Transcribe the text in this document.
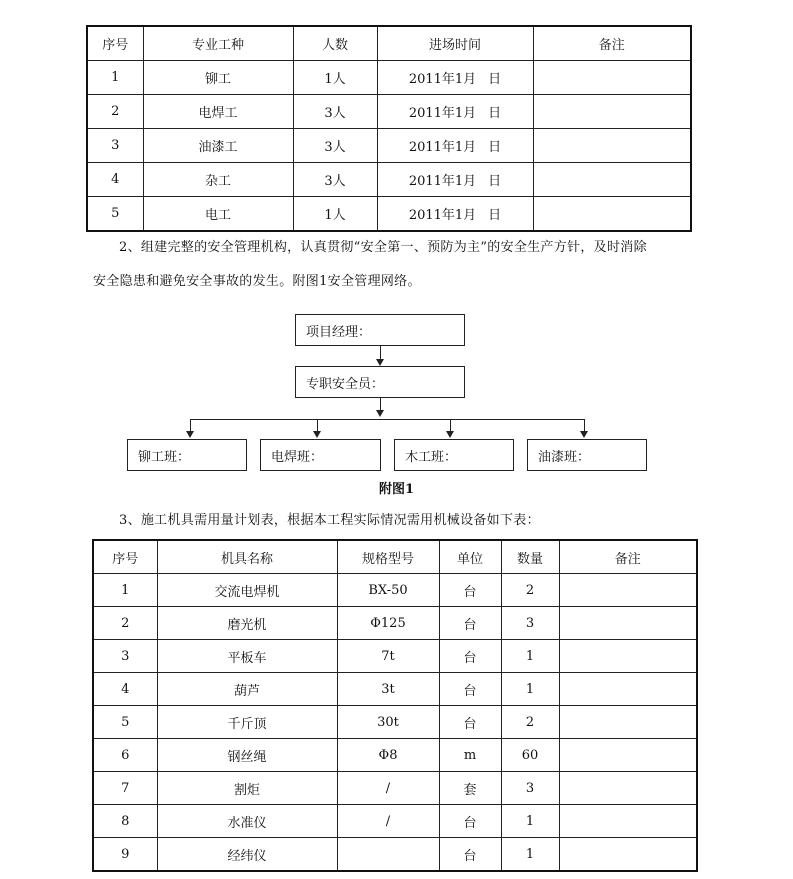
序号	专业工种	人数	进场时间	备注
1	铆工	1人	2011年1月 日	
2	电焊工	3人	2011年1月 日	
3	油漆工	3人	2011年1月 日	
4	杂工	3人	2011年1月 日	
5	电工	1人	2011年1月 日	
2、组建完整的安全管理机构，认真贯彻“安全第一、预防为主”的安全生产方针，及时消除
安全隐患和避免安全事故的发生。附图1安全管理网络。
项目经理：
专职安全员：
铆工班：	电焊班：	木工班：	油漆班：
附图1
3、施工机具需用量计划表，根据本工程实际情况需用机械设备如下表：
序号	机具名称	规格型号	单位	数量	备注
1	交流电焊机	BX-50	台	2	
2	磨光机	Φ125	台	3	
3	平板车	7t	台	1	
4	葫芦	3t	台	1	
5	千斤顶	30t	台	2	
6	钢丝绳	Φ8	m	60	
7	割炬	/	套	3	
8	水准仪	/	台	1	
9	经纬仪		台	1	
